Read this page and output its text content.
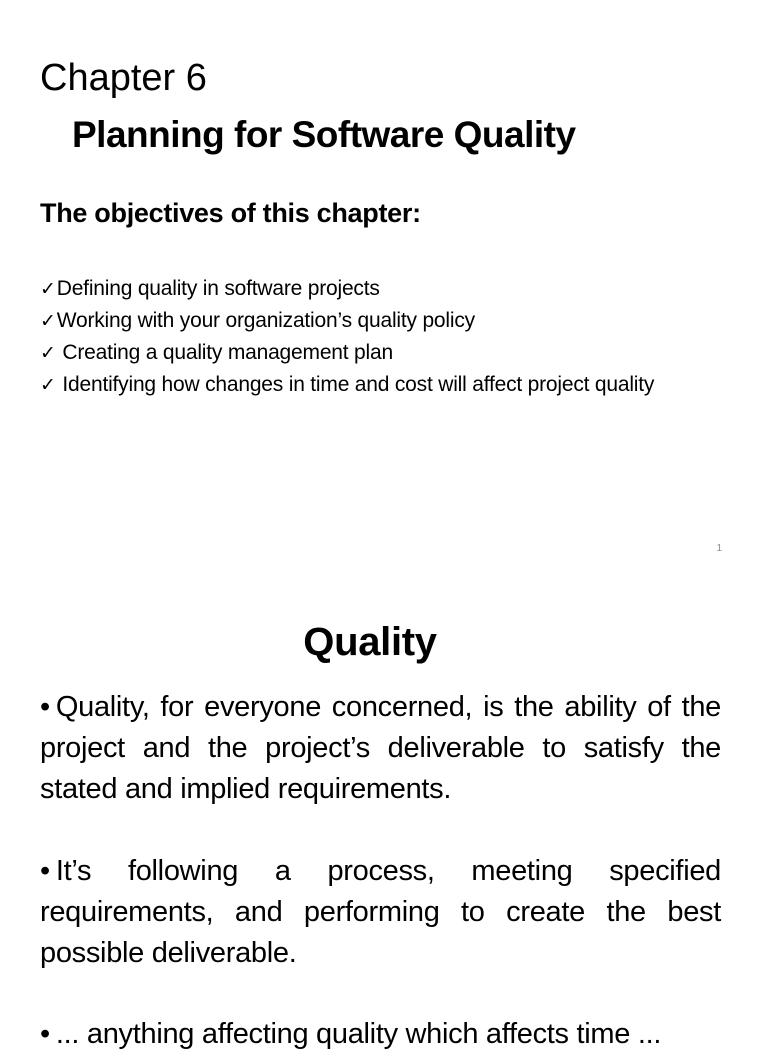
Chapter 6
Planning for Software Quality
The objectives of this chapter:
✓Defining quality in software projects
✓Working with your organization’s quality policy
✓ Creating a quality management plan
✓ Identifying how changes in time and cost will affect project quality
1
Quality

• Quality, for everyone concerned, is the ability of the project and the project’s deliverable to satisfy the stated and implied requirements.

• It’s following a process, meeting specified requirements, and performing to create the best possible deliverable.

• ... anything affecting quality which affects time ...
